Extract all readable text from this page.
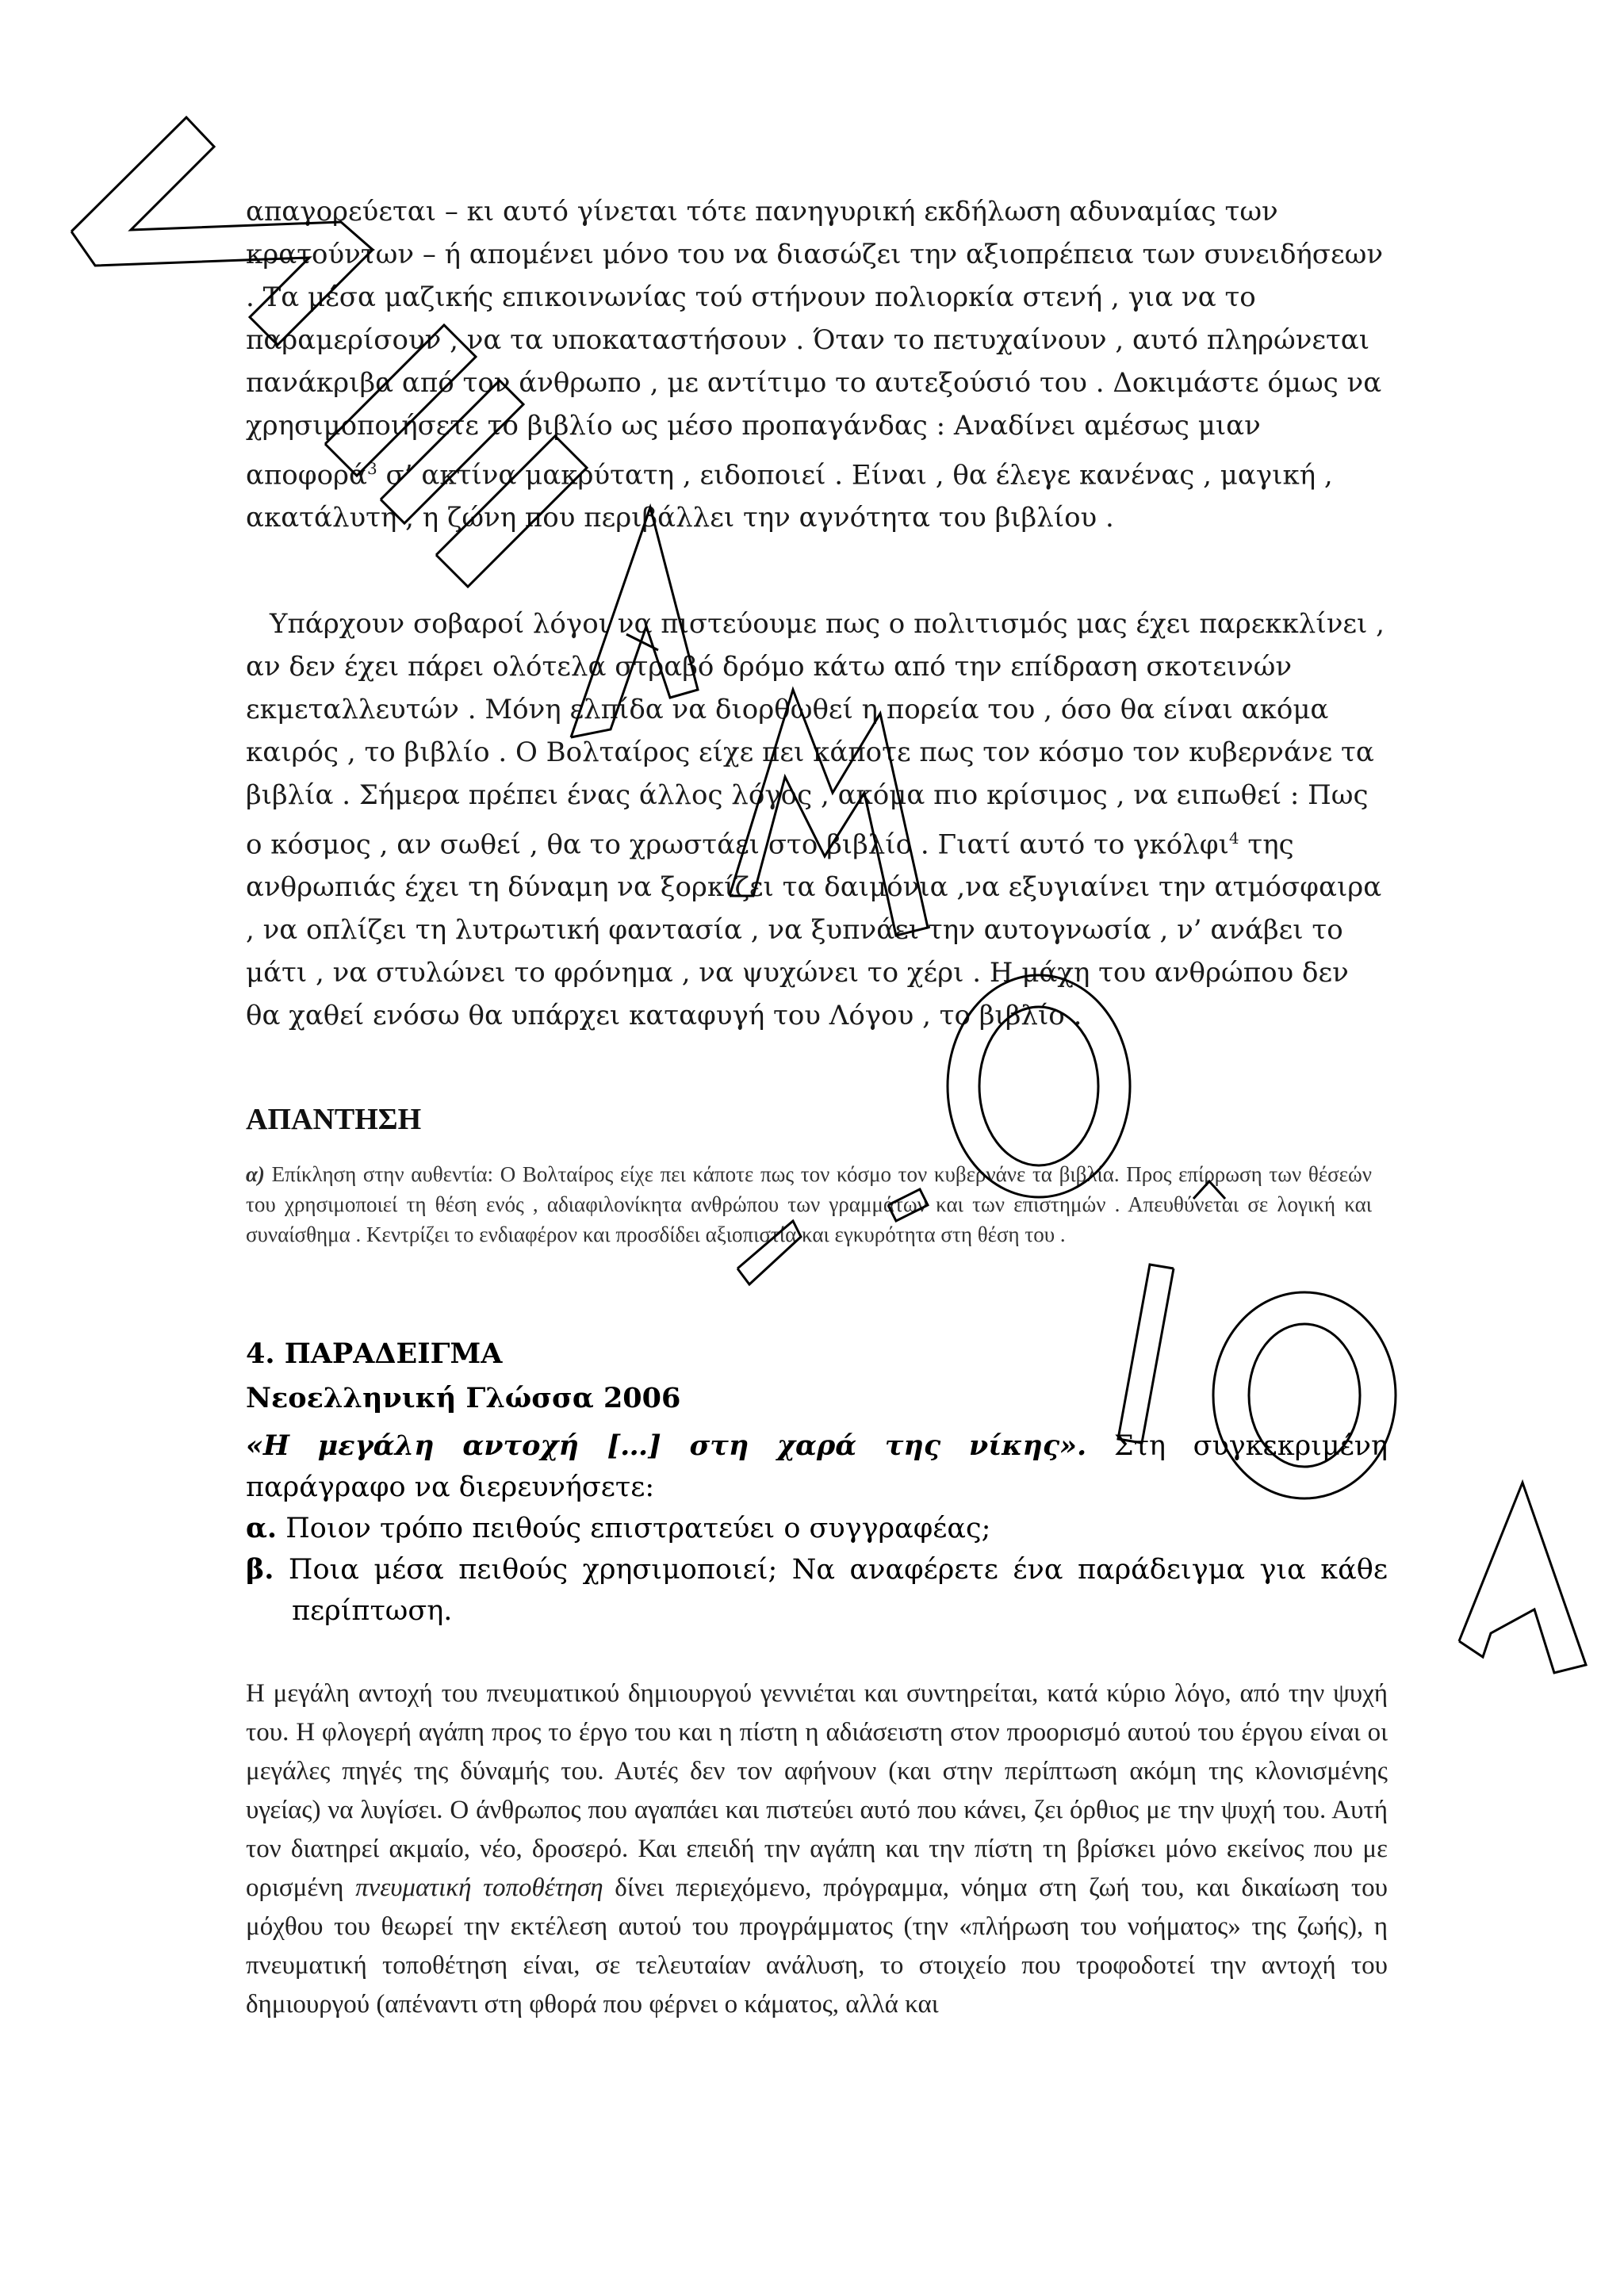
απαγορεύεται – κι αυτό γίνεται τότε πανηγυρική εκδήλωση αδυναμίας των κρατούντων – ή απομένει μόνο του να διασώζει την αξιοπρέπεια των συνειδήσεων . Τα μέσα μαζικής επικοινωνίας τού στήνουν πολιορκία στενή , για να το παραμερίσουν , να τα υποκαταστήσουν . Όταν το πετυχαίνουν , αυτό πληρώνεται πανάκριβα από τον άνθρωπο , με αντίτιμο το αυτεξούσιό του . Δοκιμάστε όμως να χρησιμοποιήσετε το βιβλίο ως μέσο προπαγάνδας : Αναδίνει αμέσως μιαν αποφορά$^3$ σ’ ακτίνα μακρύτατη , ειδοποιεί . Είναι , θα έλεγε κανένας , μαγική , ακατάλυτη , η ζώνη που περιβάλλει την αγνότητα του βιβλίου .

Υπάρχουν σοβαροί λόγοι να πιστεύουμε πως ο πολιτισμός μας έχει παρεκκλίνει , αν δεν έχει πάρει ολότελα στραβό δρόμο κάτω από την επίδραση σκοτεινών εκμεταλλευτών . Μόνη ελπίδα να διορθωθεί η πορεία του , όσο θα είναι ακόμα καιρός , το βιβλίο . Ο Βολταίρος είχε πει κάποτε πως τον κόσμο τον κυβερνάνε τα βιβλία . Σήμερα πρέπει ένας άλλος λόγος , ακόμα πιο κρίσιμος , να ειπωθεί : Πως ο κόσμος , αν σωθεί , θα το χρωστάει στο βιβλίο . Γιατί αυτό το γκόλφι$^4$ της ανθρωπιάς έχει τη δύναμη να ξορκίζει τα δαιμόνια ,να εξυγιαίνει την ατμόσφαιρα , να οπλίζει τη λυτρωτική φαντασία , να ξυπνάει την αυτογνωσία , ν’ ανάβει το μάτι , να στυλώνει το φρόνημα , να ψυχώνει το χέρι . Η μάχη του ανθρώπου δεν θα χαθεί ενόσω θα υπάρχει καταφυγή του Λόγου , το βιβλίο .

ΑΠΑΝΤΗΣΗ
α) Επίκληση στην αυθεντία: Ο Βολταίρος είχε πει κάποτε πως τον κόσμο τον κυβερνάνε τα βιβλία. Προς επίρρωση των θέσεών του χρησιμοποιεί τη θέση ενός , αδιαφιλονίκητα ανθρώπου των γραμμάτων και των επιστημών . Απευθύνεται σε λογική και συναίσθημα . Κεντρίζει το ενδιαφέρον και προσδίδει αξιοπιστία και εγκυρότητα στη θέση του .
4. ΠΑΡΑΔΕΙΓΜΑ
Νεοελληνική Γλώσσα 2006
«Η μεγάλη αντοχή […] στη χαρά της νίκης». Στη συγκεκριμένη παράγραφο να διερευνήσετε:
α. Ποιον τρόπο πειθούς επιστρατεύει ο συγγραφέας;
β. Ποια μέσα πειθούς χρησιμοποιεί; Να αναφέρετε ένα παράδειγμα για κάθε περίπτωση.
Η μεγάλη αντοχή του πνευματικού δημιουργού γεννιέται και συντηρείται, κατά κύριο λόγο, από την ψυχή του. Η φλογερή αγάπη προς το έργο του και η πίστη η αδιάσειστη στον προορισμό αυτού του έργου είναι οι μεγάλες πηγές της δύναμής του. Αυτές δεν τον αφήνουν (και στην περίπτωση ακόμη της κλονισμένης υγείας) να λυγίσει. Ο άνθρωπος που αγαπάει και πιστεύει αυτό που κάνει, ζει όρθιος με την ψυχή του. Αυτή τον διατηρεί ακμαίο, νέο, δροσερό. Και επειδή την αγάπη και την πίστη τη βρίσκει μόνο εκείνος που με ορισμένη πνευματική τοποθέτηση δίνει περιεχόμενο, πρόγραμμα, νόημα στη ζωή του, και δικαίωση του μόχθου του θεωρεί την εκτέλεση αυτού του προγράμματος (την «πλήρωση του νοήματος» της ζωής), η πνευματική τοποθέτηση είναι, σε τελευταίαν ανάλυση, το στοιχείο που τροφοδοτεί την αντοχή του δημιουργού (απέναντι στη φθορά που φέρνει ο κάματος, αλλά και
